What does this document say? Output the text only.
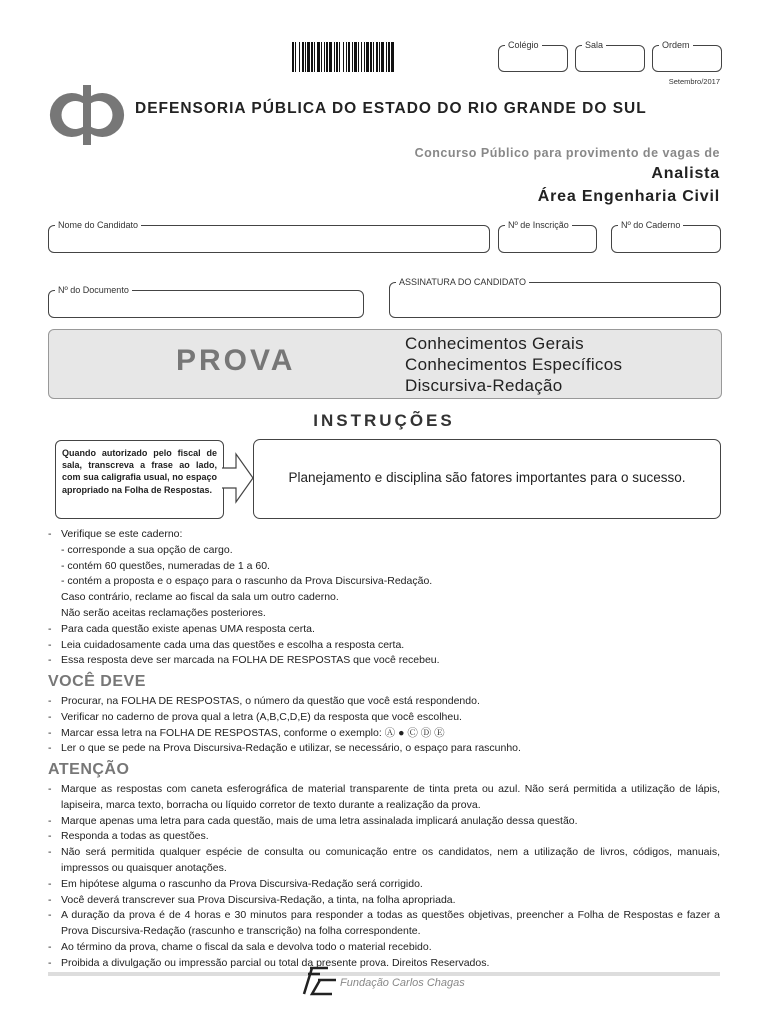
Colégio	Sala	Ordem
Setembro/2017
DEFENSORIA PÚBLICA DO ESTADO DO RIO GRANDE DO SUL
Concurso Público para provimento de vagas de
Analista
Área Engenharia Civil
Nome do Candidato	Nº de Inscrição	Nº do Caderno
Nº do Documento
ASSINATURA DO CANDIDATO
PROVA
Conhecimentos Gerais
Conhecimentos Específicos
Discursiva-Redação
INSTRUÇÕES
Quando autorizado pelo fiscal de sala, transcreva a frase ao lado, com sua caligrafia usual, no espaço apropriado na Folha de Respostas.
Planejamento e disciplina são fatores importantes para o sucesso.
- Verifique se este caderno:
- corresponde a sua opção de cargo.
- contém 60 questões, numeradas de 1 a 60.
- contém a proposta e o espaço para o rascunho da Prova Discursiva-Redação.
Caso contrário, reclame ao fiscal da sala um outro caderno.
Não serão aceitas reclamações posteriores.
- Para cada questão existe apenas UMA resposta certa.
- Leia cuidadosamente cada uma das questões e escolha a resposta certa.
- Essa resposta deve ser marcada na FOLHA DE RESPOSTAS que você recebeu.
VOCÊ DEVE
- Procurar, na FOLHA DE RESPOSTAS, o número da questão que você está respondendo.
- Verificar no caderno de prova qual a letra (A,B,C,D,E) da resposta que você escolheu.
- Marcar essa letra na FOLHA DE RESPOSTAS, conforme o exemplo: Ⓐ ● Ⓒ Ⓓ Ⓔ
- Ler o que se pede na Prova Discursiva-Redação e utilizar, se necessário, o espaço para rascunho.
ATENÇÃO
- Marque as respostas com caneta esferográfica de material transparente de tinta preta ou azul. Não será permitida a utilização de lápis, lapiseira, marca texto, borracha ou líquido corretor de texto durante a realização da prova.
- Marque apenas uma letra para cada questão, mais de uma letra assinalada implicará anulação dessa questão.
- Responda a todas as questões.
- Não será permitida qualquer espécie de consulta ou comunicação entre os candidatos, nem a utilização de livros, códigos, manuais, impressos ou quaisquer anotações.
- Em hipótese alguma o rascunho da Prova Discursiva-Redação será corrigido.
- Você deverá transcrever sua Prova Discursiva-Redação, a tinta, na folha apropriada.
- A duração da prova é de 4 horas e 30 minutos para responder a todas as questões objetivas, preencher a Folha de Respostas e fazer a Prova Discursiva-Redação (rascunho e transcrição) na folha correspondente.
- Ao término da prova, chame o fiscal da sala e devolva todo o material recebido.
- Proibida a divulgação ou impressão parcial ou total da presente prova. Direitos Reservados.
Fundação Carlos Chagas
